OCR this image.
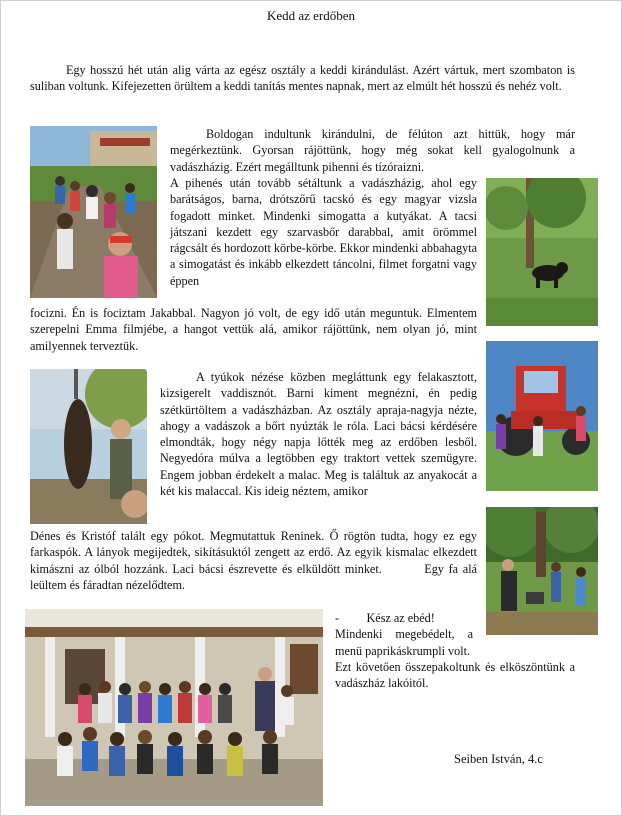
Kedd az erdőben
Egy hosszú hét után alig várta az egész osztály a keddi kirándulást. Azért vártuk, mert szombaton is suliban voltunk. Kifejezetten örültem a keddi tanítás mentes napnak, mert az elmúlt hét hosszú és nehéz volt.
Boldogan indultunk kirándulni, de félúton azt hittük, hogy már megérkeztünk. Gyorsan rájöttünk, hogy még sokat kell gyalogolnunk a vadászházig. Ezért megálltunk pihenni és tízóraizni.
A pihenés után tovább sétáltunk a vadászházig, ahol egy barátságos, barna, drótszőrű tacskó és egy magyar vizsla fogadott minket. Mindenki simogatta a kutyákat. A tacsi játszani kezdett egy szarvasbőr darabbal, amit örömmel rágcsált és hordozott körbe-körbe. Ekkor mindenki abbahagyta a simogatást és inkább elkezdett táncolni, filmet forgatni vagy éppen
focizni. Én is fociztam Jakabbal. Nagyon jó volt, de egy idő után meguntuk. Elmentem szerepelni Emma filmjébe, a hangot vettük alá, amikor rájöttünk, nem olyan jó, mint amilyennek terveztük.
A tyúkok nézése közben megláttunk egy felakasztott, kizsigerelt vaddisznót. Barni kiment megnézni, én pedig szétkürtöltem a vadászházban. Az osztály apraja-nagyja nézte, ahogy a vadászok a bőrt nyúzták le róla. Laci bácsi kérdésére elmondták, hogy négy napja lőtték meg az erdőben lesből. Negyedóra múlva a legtöbben egy traktort vettek szemügyre. Engem jobban érdekelt a malac. Meg is találtuk az anyakocát a két kis malaccal. Kis ideig néztem, amikor
Dénes és Kristóf talált egy pókot. Megmutattuk Reninek. Ő rögtön tudta, hogy ez egy farkaspók. A lányok megijedtek, sikításuktól zengett az erdő. Az egyik kismalac elkezdett kimászni az ólból hozzánk. Laci bácsi észrevette és elküldött minket.	Egy fa alá leültem és fáradtan nézelődtem.
- Kész az ebéd!
Mindenki megebédelt, a menü paprikáskrumpli volt.
Ezt követően összepakoltunk és elköszöntünk a vadászház lakóitól.
Seiben István, 4.c
